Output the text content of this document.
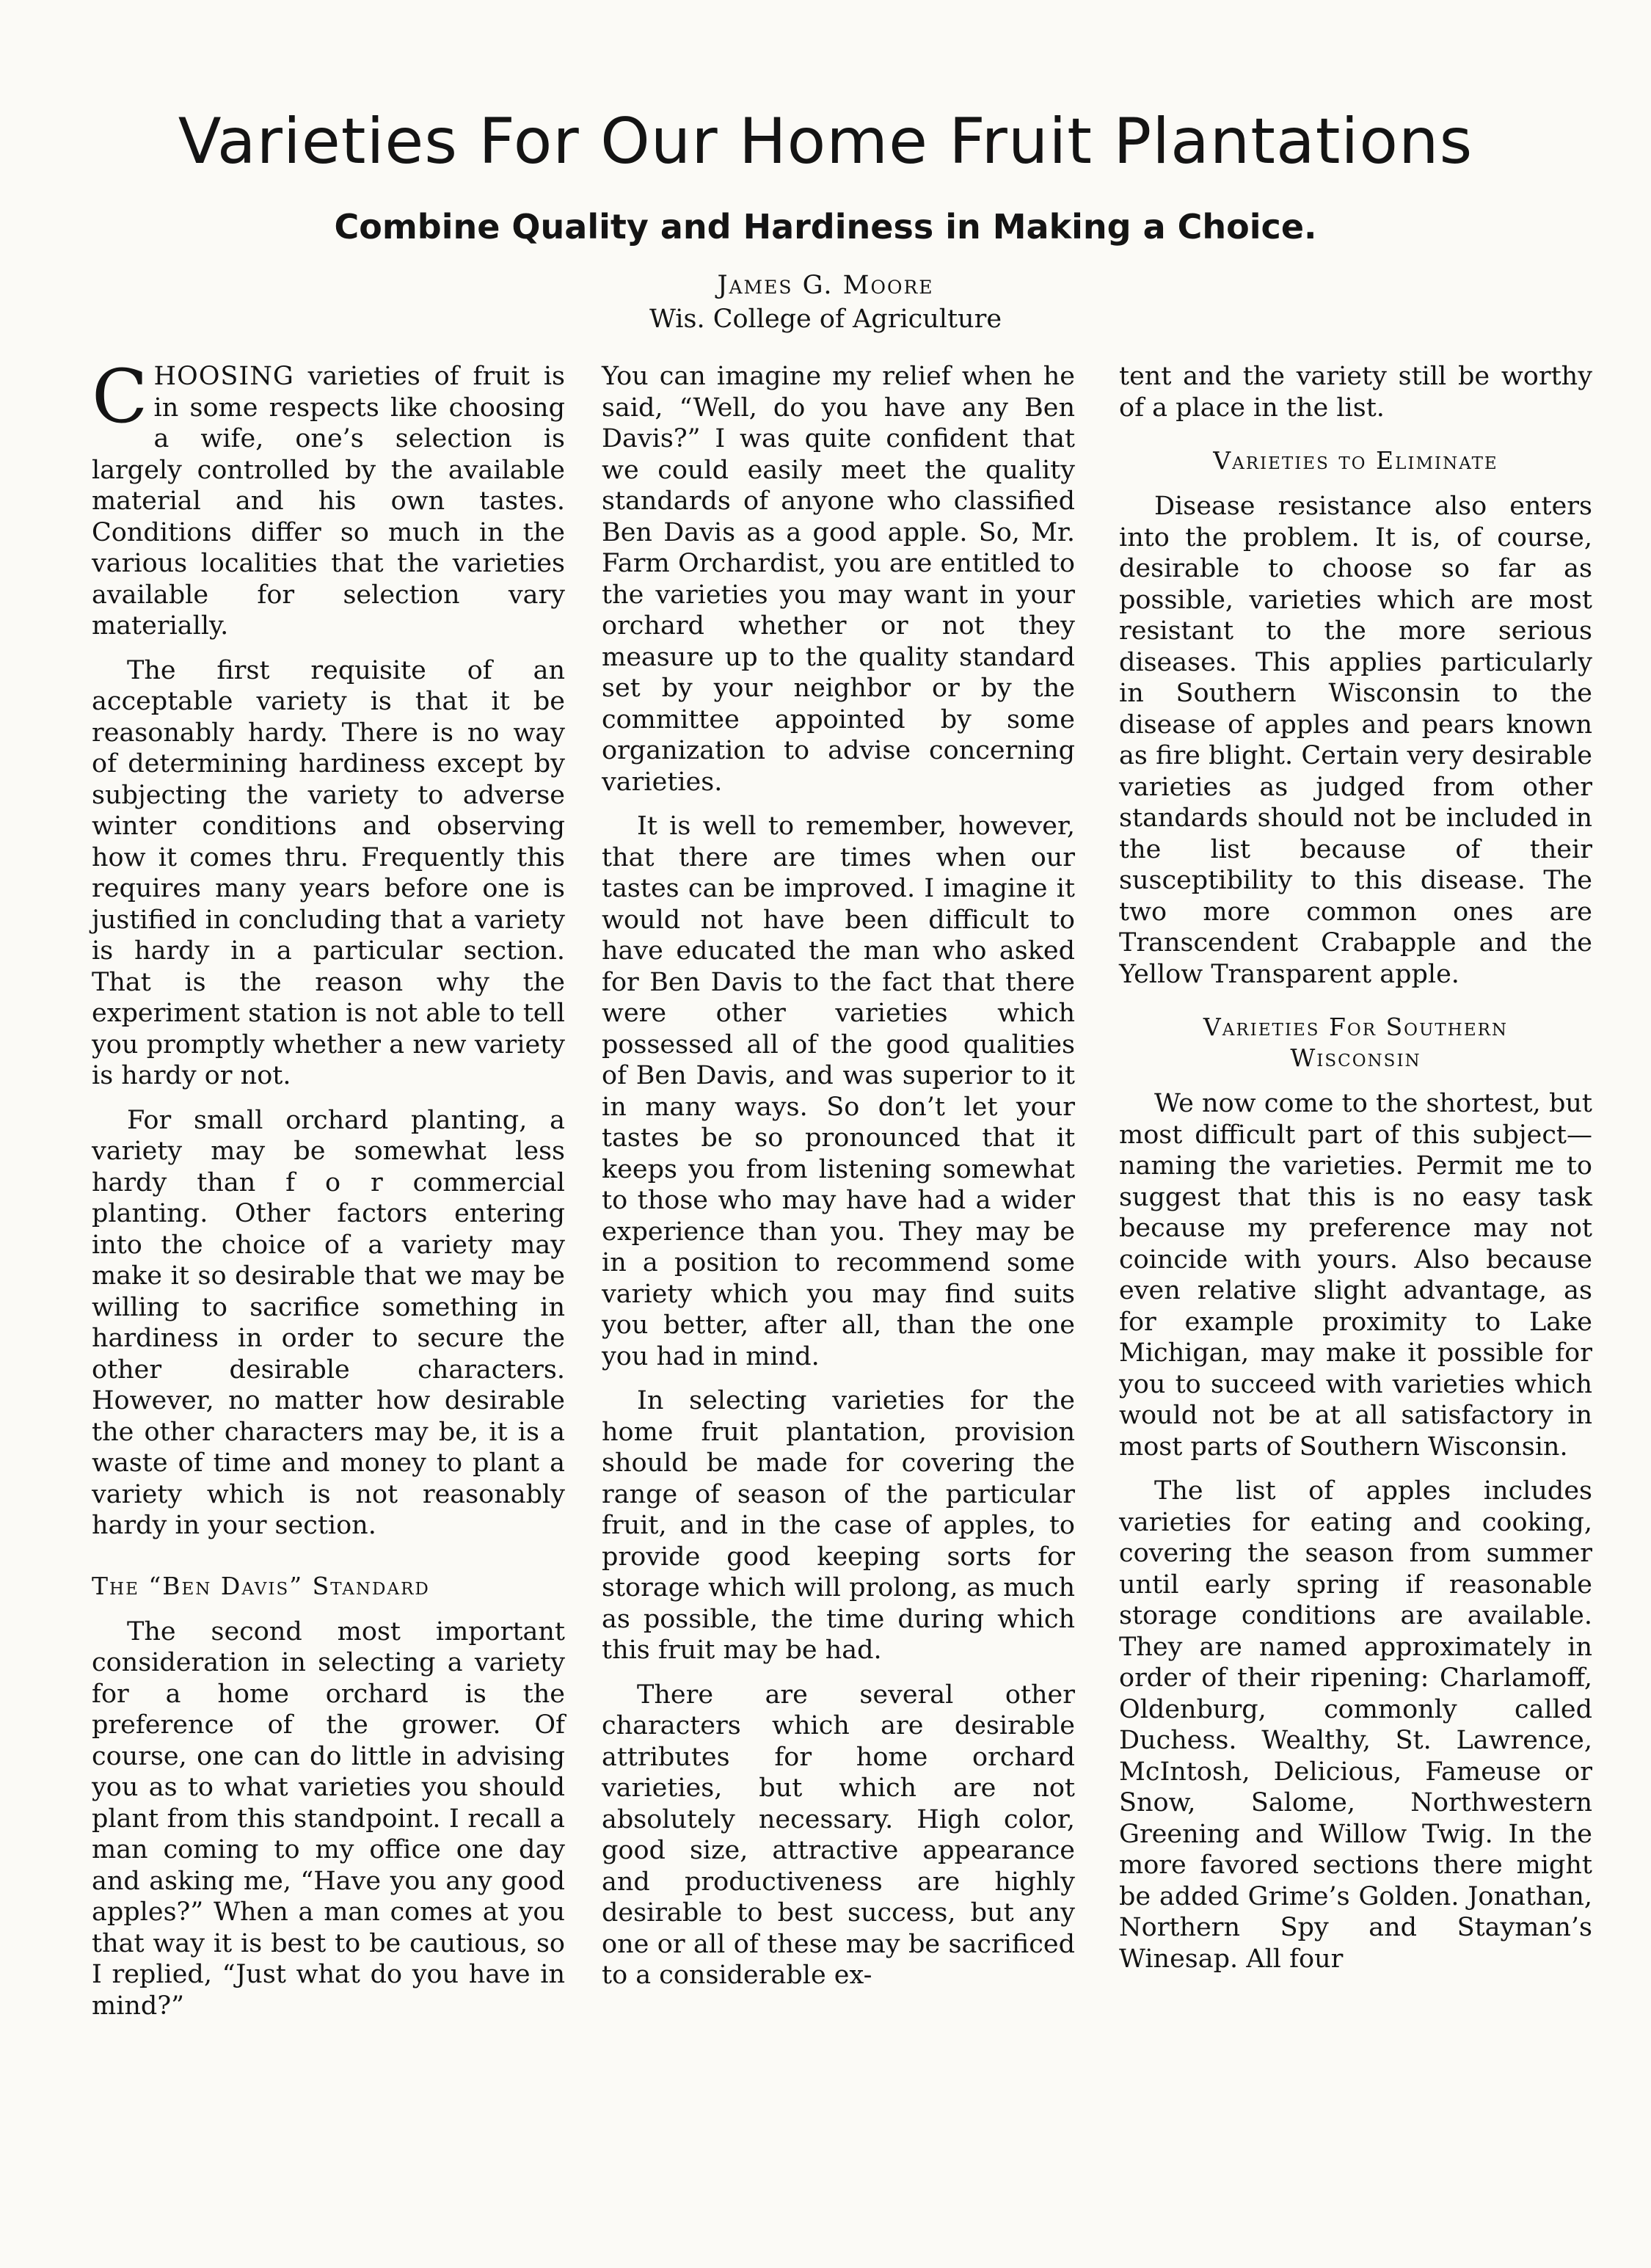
Varieties For Our Home Fruit Plantations
Combine Quality and Hardiness in Making a Choice.
James G. Moore
Wis. College of Agriculture

CHOOSING varieties of fruit is in some respects like choosing a wife, one’s selection is largely controlled by the available material and his own tastes. Conditions differ so much in the various localities that the varieties available for selection vary materially.

The first requisite of an acceptable variety is that it be reasonably hardy. There is no way of determining hardiness except by subjecting the variety to adverse winter conditions and observing how it comes thru. Frequently this requires many years before one is justified in concluding that a variety is hardy in a particular section. That is the reason why the experiment station is not able to tell you promptly whether a new variety is hardy or not.

For small orchard planting, a variety may be somewhat less hardy than f o r commercial planting. Other factors entering into the choice of a variety may make it so desirable that we may be willing to sacrifice something in hardiness in order to secure the other desirable characters. However, no matter how desirable the other characters may be, it is a waste of time and money to plant a variety which is not reasonably hardy in your section.

The “Ben Davis” Standard

The second most important consideration in selecting a variety for a home orchard is the preference of the grower. Of course, one can do little in advising you as to what varieties you should plant from this standpoint. I recall a man coming to my office one day and asking me, “Have you any good apples?” When a man comes at you that way it is best to be cautious, so I replied, “Just what do you have in mind?”

You can imagine my relief when he said, “Well, do you have any Ben Davis?” I was quite confident that we could easily meet the quality standards of anyone who classified Ben Davis as a good apple. So, Mr. Farm Orchardist, you are entitled to the varieties you may want in your orchard whether or not they measure up to the quality standard set by your neighbor or by the committee appointed by some organization to advise concerning varieties.

It is well to remember, however, that there are times when our tastes can be improved. I imagine it would not have been difficult to have educated the man who asked for Ben Davis to the fact that there were other varieties which possessed all of the good qualities of Ben Davis, and was superior to it in many ways. So don’t let your tastes be so pronounced that it keeps you from listening somewhat to those who may have had a wider experience than you. They may be in a position to recommend some variety which you may find suits you better, after all, than the one you had in mind.

In selecting varieties for the home fruit plantation, provision should be made for covering the range of season of the particular fruit, and in the case of apples, to provide good keeping sorts for storage which will prolong, as much as possible, the time during which this fruit may be had.

There are several other characters which are desirable attributes for home orchard varieties, but which are not absolutely necessary. High color, good size, attractive appearance and productiveness are highly desirable to best success, but any one or all of these may be sacrificed to a considerable ex-

tent and the variety still be worthy of a place in the list.

Varieties to Eliminate

Disease resistance also enters into the problem. It is, of course, desirable to choose so far as possible, varieties which are most resistant to the more serious diseases. This applies particularly in Southern Wisconsin to the disease of apples and pears known as fire blight. Certain very desirable varieties as judged from other standards should not be included in the list because of their susceptibility to this disease. The two more common ones are Transcendent Crabapple and the Yellow Transparent apple.

Varieties For Southern
Wisconsin

We now come to the shortest, but most difficult part of this subject—naming the varieties. Permit me to suggest that this is no easy task because my preference may not coincide with yours. Also because even relative slight advantage, as for example proximity to Lake Michigan, may make it possible for you to succeed with varieties which would not be at all satisfactory in most parts of Southern Wisconsin.

The list of apples includes varieties for eating and cooking, covering the season from summer until early spring if reasonable storage conditions are available. They are named approximately in order of their ripening: Charlamoff, Oldenburg, commonly called Duchess. Wealthy, St. Lawrence, McIntosh, Delicious, Fameuse or Snow, Salome, Northwestern Greening and Willow Twig. In the more favored sections there might be added Grime’s Golden. Jonathan, Northern Spy and Stayman’s Winesap. All four
